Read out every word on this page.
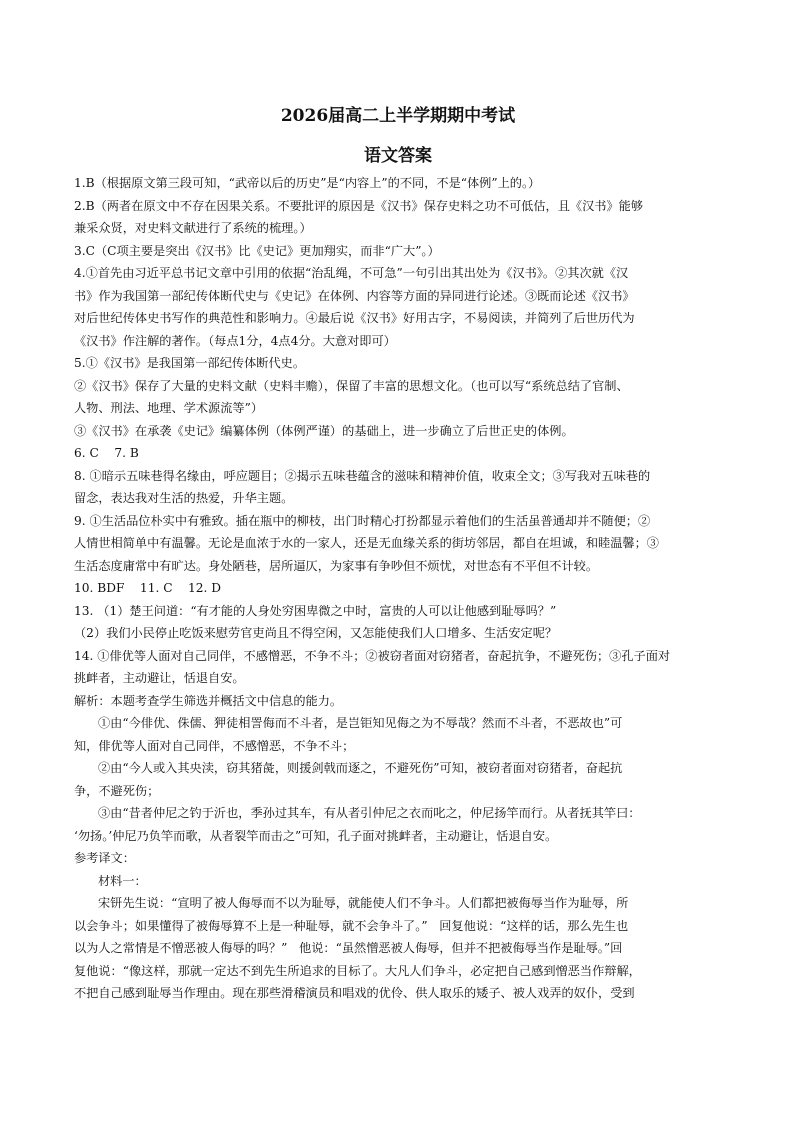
2026届高二上半学期期中考试
语文答案

1.B（根据原文第三段可知，“武帝以后的历史”是“内容上”的不同，不是“体例”上的。）

2.B（两者在原文中不存在因果关系。不要批评的原因是《汉书》保存史料之功不可低估，且《汉书》能够

兼采众贤，对史料文献进行了系统的梳理。）

3.C（C项主要是突出《汉书》比《史记》更加翔实，而非“广大”。）

4.①首先由习近平总书记文章中引用的依据“治乱绳，不可急”一句引出其出处为《汉书》。②其次就《汉

书》作为我国第一部纪传体断代史与《史记》在体例、内容等方面的异同进行论述。③既而论述《汉书》

对后世纪传体史书写作的典范性和影响力。④最后说《汉书》好用古字，不易阅读，并简列了后世历代为

《汉书》作注解的著作。（每点1分，4点4分。大意对即可）

5.①《汉书》是我国第一部纪传体断代史。

②《汉书》保存了大量的史料文献（史料丰赡），保留了丰富的思想文化。（也可以写“系统总结了官制、

人物、刑法、地理、学术源流等”）

③《汉书》在承袭《史记》编纂体例（体例严谨）的基础上，进一步确立了后世正史的体例。

6. C    7. B

8. ①暗示五味巷得名缘由，呼应题目；②揭示五味巷蕴含的滋味和精神价值，收束全文；③写我对五味巷的

留念，表达我对生活的热爱，升华主题。

9. ①生活品位朴实中有雅致。插在瓶中的柳枝，出门时精心打扮都显示着他们的生活虽普通却并不随便；②

人情世相简单中有温馨。无论是血浓于水的一家人，还是无血缘关系的街坊邻居，都自在坦诚，和睦温馨；③

生活态度庸常中有旷达。身处陋巷，居所逼仄，为家事有争吵但不烦忧，对世态有不平但不计较。

10. BDF    11. C    12. D

13. （1）楚王问道：“有才能的人身处穷困卑微之中时，富贵的人可以让他感到耻辱吗？”

（2）我们小民停止吃饭来慰劳官吏尚且不得空闲，又怎能使我们人口增多、生活安定呢？

14. ①俳优等人面对自己同伴，不感憎恶，不争不斗；②被窃者面对窃猪者，奋起抗争，不避死伤；③孔子面对

挑衅者，主动避让，恬退自安。

解析：本题考查学生筛选并概括文中信息的能力。

①由“今俳优、侏儒、狎徒相詈侮而不斗者，是岂钜知见侮之为不辱哉？然而不斗者，不恶故也”可

知，俳优等人面对自己同伴，不感憎恶，不争不斗；

②由“今人或入其央渎，窃其猪彘，则援剑戟而逐之，不避死伤”可知，被窃者面对窃猪者，奋起抗

争，不避死伤；

③由“昔者仲尼之钓于沂也，季孙过其车，有从者引仲尼之衣而叱之，仲尼扬竿而行。从者抚其竿曰：

‘勿扬。’仲尼乃负竿而歌，从者裂竿而击之”可知，孔子面对挑衅者，主动避让，恬退自安。

参考译文：

材料一：

宋钘先生说：“宣明了被人侮辱而不以为耻辱，就能使人们不争斗。人们都把被侮辱当作为耻辱，所

以会争斗；如果懂得了被侮辱算不上是一种耻辱，就不会争斗了。”   回复他说：“这样的话，那么先生也

以为人之常情是不憎恶被人侮辱的吗？”   他说：“虽然憎恶被人侮辱，但并不把被侮辱当作是耻辱。”回

复他说：“像这样，那就一定达不到先生所追求的目标了。大凡人们争斗，必定把自己感到憎恶当作辩解，

不把自己感到耻辱当作理由。现在那些滑稽演员和唱戏的优伶、供人取乐的矮子、被人戏弄的奴仆，受到
